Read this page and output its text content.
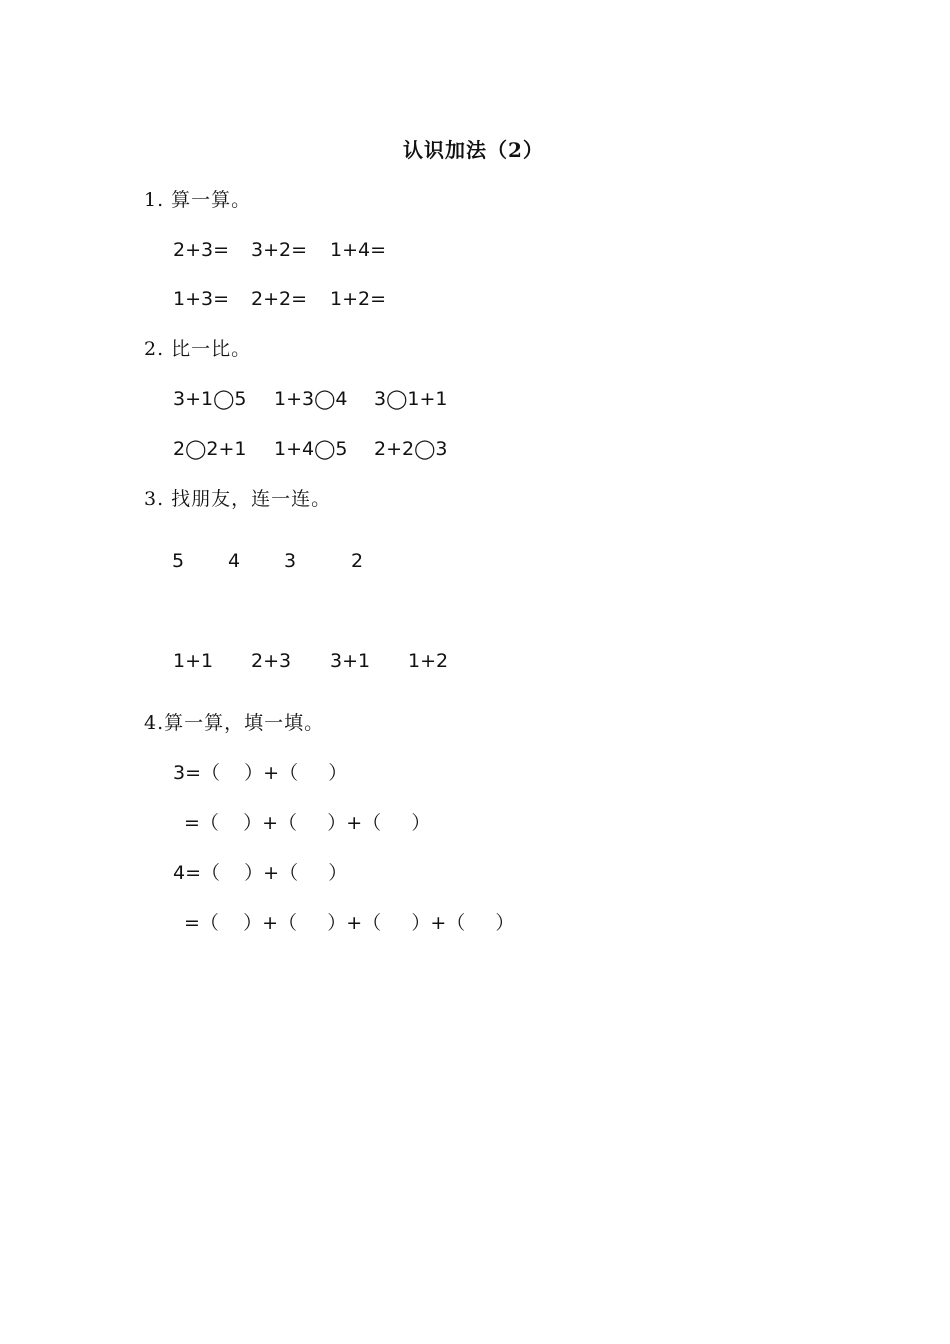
认识加法（2）
1. 算一算。
2+3= 3+2= 1+4=
1+3= 2+2= 1+2=
2. 比一比。
3+1◯5 1+3◯4 3◯1+1
2◯2+1 1+4◯5 2+2◯3
3. 找朋友，连一连。
5 4 3	2
1+1 2+3 3+1 1+2
4.算一算，填一填。
3=（    ）+（     ）
=（    ）+（     ）+（     ）
4=（    ）+（     ）
=（    ）+（     ）+（     ）+（     ）
